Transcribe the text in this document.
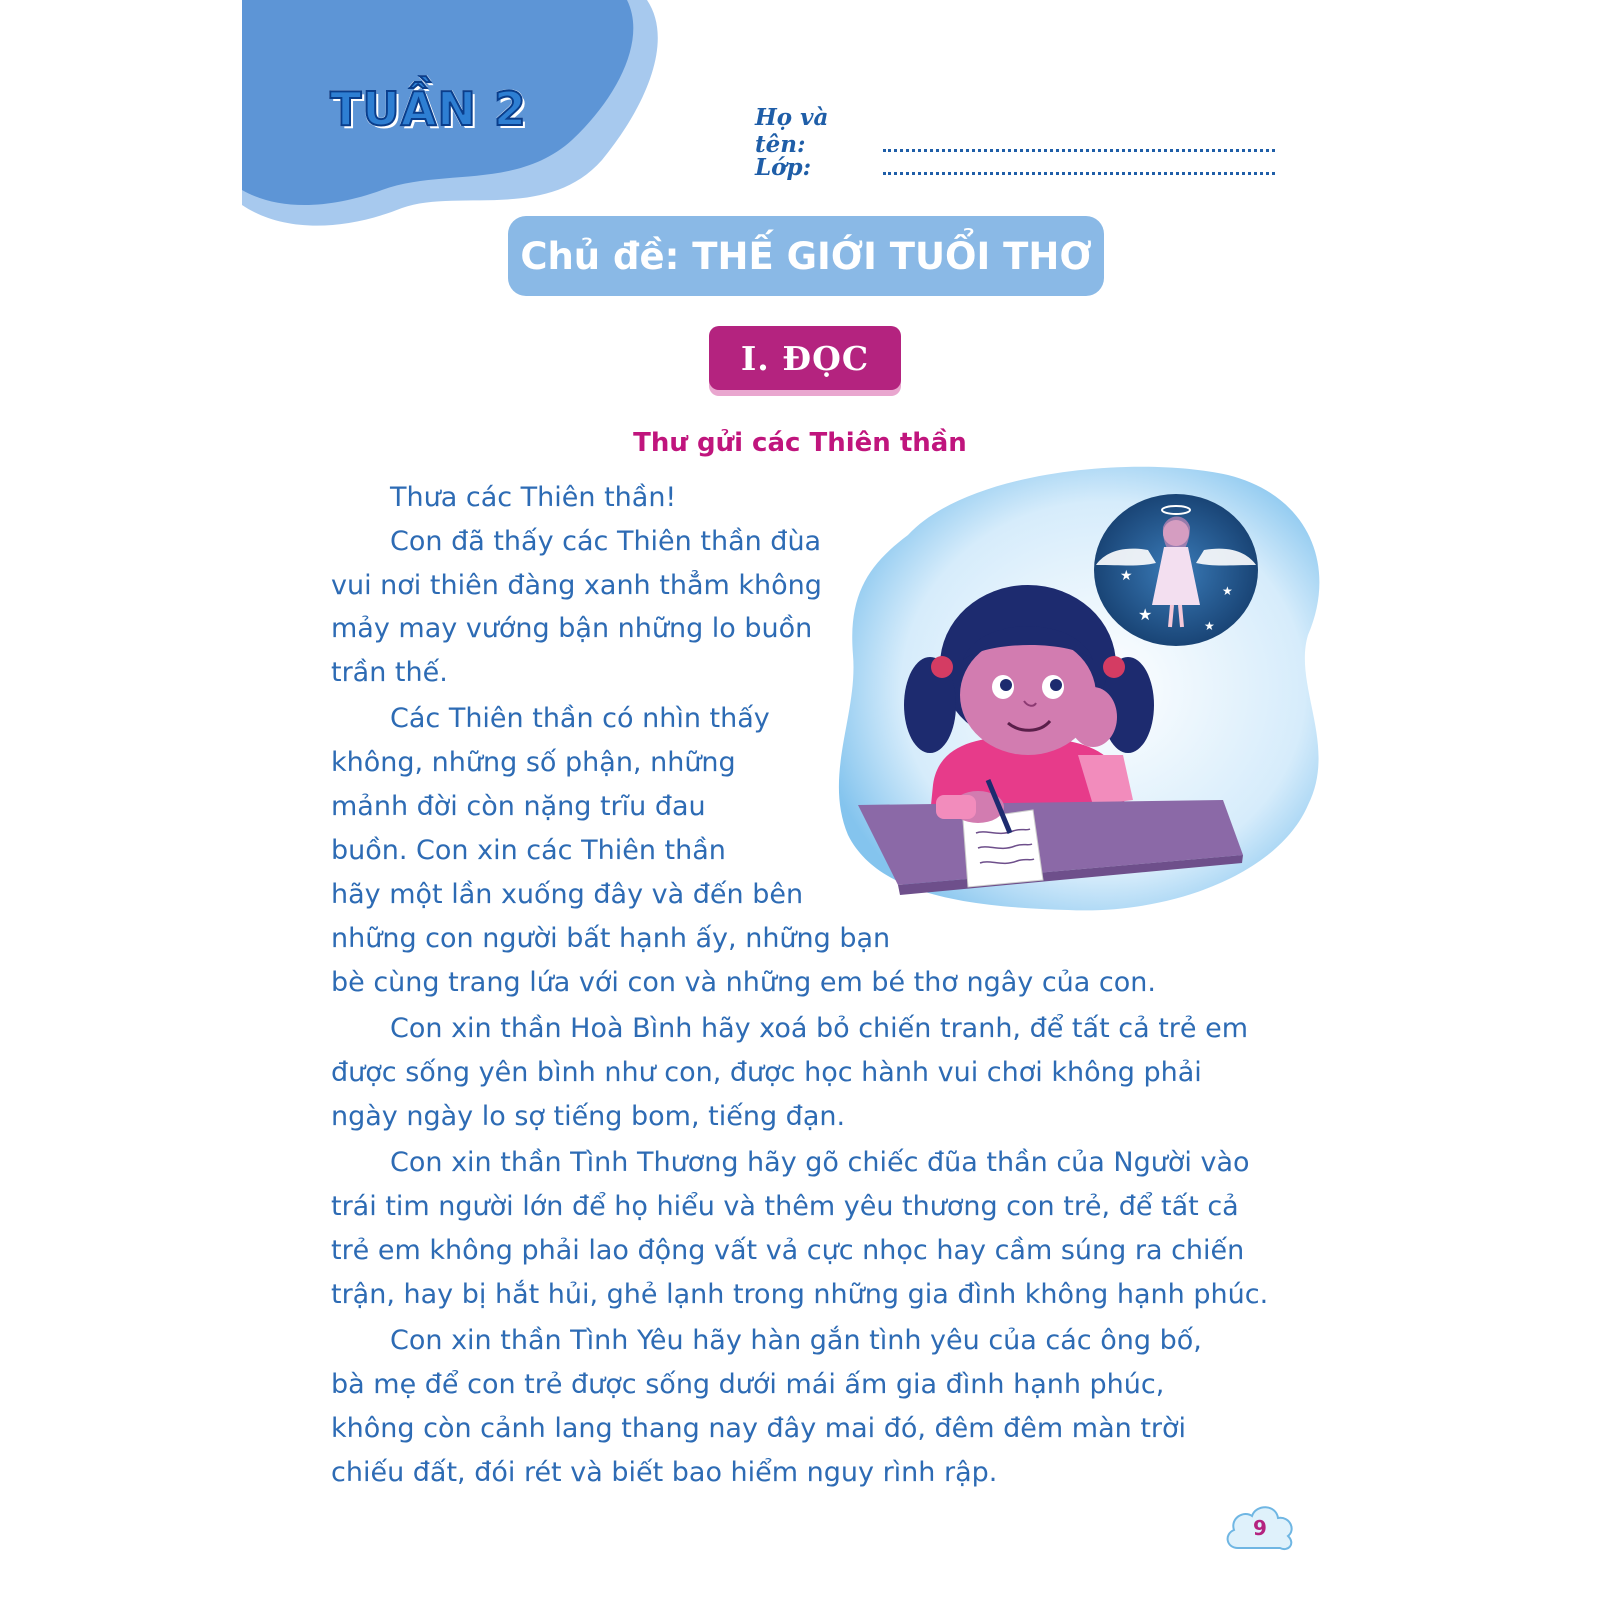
TUẦN 2	Họ và tên:
Lớp:
Chủ đề: THẾ GIỚI TUỔI THƠ
I. ĐỌC
Thư gửi các Thiên thần
★
★
★
★
Thưa các Thiên thần!
Con đã thấy các Thiên thần đùa
vui nơi thiên đàng xanh thẳm không
mảy may vướng bận những lo buồn
trần thế.
Các Thiên thần có nhìn thấy
không, những số phận, những
mảnh đời còn nặng trĩu đau
buồn. Con xin các Thiên thần
hãy một lần xuống đây và đến bên
những con người bất hạnh ấy, những bạn
bè cùng trang lứa với con và những em bé thơ ngây của con.
Con xin thần Hoà Bình hãy xoá bỏ chiến tranh, để tất cả trẻ em
được sống yên bình như con, được học hành vui chơi không phải
ngày ngày lo sợ tiếng bom, tiếng đạn.
Con xin thần Tình Thương hãy gõ chiếc đũa thần của Người vào
trái tim người lớn để họ hiểu và thêm yêu thương con trẻ, để tất cả
trẻ em không phải lao động vất vả cực nhọc hay cầm súng ra chiến
trận, hay bị hắt hủi, ghẻ lạnh trong những gia đình không hạnh phúc.
Con xin thần Tình Yêu hãy hàn gắn tình yêu của các ông bố,
bà mẹ để con trẻ được sống dưới mái ấm gia đình hạnh phúc,
không còn cảnh lang thang nay đây mai đó, đêm đêm màn trời
chiếu đất, đói rét và biết bao hiểm nguy rình rập.
9
